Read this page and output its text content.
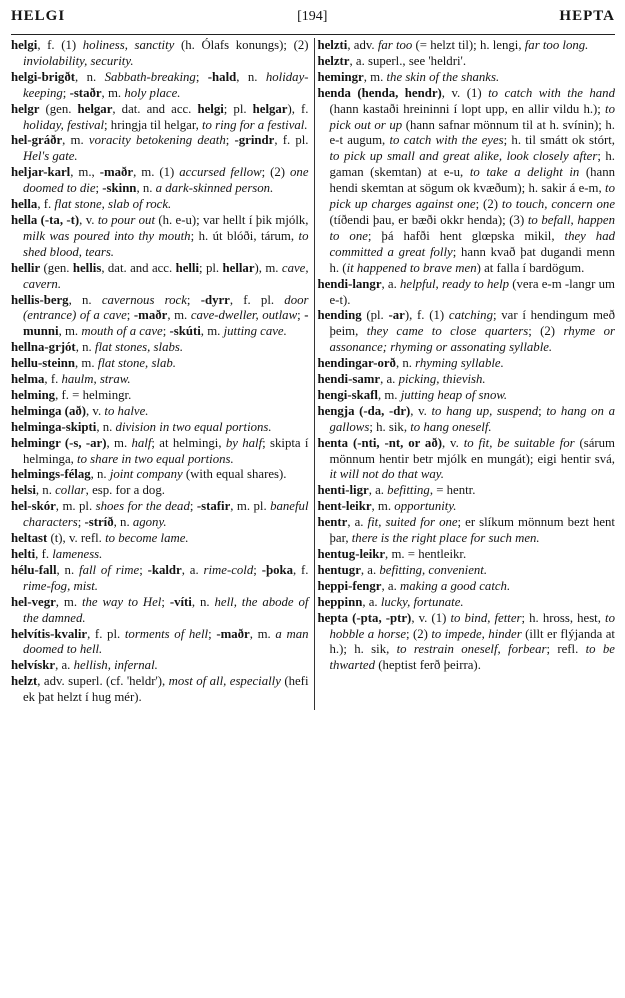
HELGI	[194]	HEPTA
helgi, f. (1) holiness, sanctity (h. Ólafs konungs); (2) inviolability, security.
helgi-brigðt, n. Sabbath-breaking; -hald, n. holiday-keeping; -staðr, m. holy place.
helgr (gen. helgar, dat. and acc. helgi; pl. helgar), f. holiday, festival; hringja til helgar, to ring for a festival.
hel-gráðr, m. voracity betokening death; -grindr, f. pl. Hel's gate.
heljar-karl, m., -maðr, m. (1) accursed fellow; (2) one doomed to die; -skinn, n. a dark-skinned person.
hella, f. flat stone, slab of rock.
hella (-ta, -t), v. to pour out (h. e-u); var hellt í þik mjólk, milk was poured into thy mouth; h. út blóði, tárum, to shed blood, tears.
hellir (gen. hellis, dat. and acc. helli; pl. hellar), m. cave, cavern.
hellis-berg, n. cavernous rock; -dyrr, f. pl. door (entrance) of a cave; -maðr, m. cave-dweller, outlaw; -munni, m. mouth of a cave; -skúti, m. jutting cave.
hellna-grjót, n. flat stones, slabs.
hellu-steinn, m. flat stone, slab.
helma, f. haulm, straw.
helming, f. = helmingr.
helminga (að), v. to halve.
helminga-skipti, n. division in two equal portions.
helmingr (-s, -ar), m. half; at helmingi, by half; skipta í helminga, to share in two equal portions.
helmings-félag, n. joint company (with equal shares).
helsi, n. collar, esp. for a dog.
hel-skór, m. pl. shoes for the dead; -stafir, m. pl. baneful characters; -stríð, n. agony.
heltast (t), v. refl. to become lame.
helti, f. lameness.
hélu-fall, n. fall of rime; -kaldr, a. rime-cold; -þoka, f. rime-fog, mist.
hel-vegr, m. the way to Hel; -víti, n. hell, the abode of the damned.
helvítis-kvalir, f. pl. torments of hell; -maðr, m. a man doomed to hell.
helvískr, a. hellish, infernal.
helzt, adv. superl. (cf. 'heldr'), most of all, especially (hefi ek þat helzt í hug mér).
helzti, adv. far too (= helzt til); h. lengi, far too long.
helztr, a. superl., see 'heldri'.
hemingr, m. the skin of the shanks.
henda (henda, hendr), v. (1) to catch with the hand (hann kastaði hreininni í lopt upp, en allir vildu h.); to pick out or up (hann safnar mönnum til at h. svínin); h. e-t augum, to catch with the eyes; h. til smátt ok stórt, to pick up small and great alike, look closely after; h. gaman (skemtan) at e-u, to take a delight in (hann hendi skemtan at sögum ok kvæðum); h. sakir á e-m, to pick up charges against one; (2) to touch, concern one (tíðendi þau, er bæði okkr henda); (3) to befall, happen to one; þá hafði hent glœpska mikil, they had committed a great folly; hann kvað þat dugandi menn h. (it happened to brave men) at falla í bardögum.
hendi-langr, a. helpful, ready to help (vera e-m -langr um e-t).
hending (pl. -ar), f. (1) catching; var í hendingum með þeim, they came to close quarters; (2) rhyme or assonance; rhyming or assonating syllable.
hendingar-orð, n. rhyming syllable.
hendi-samr, a. picking, thievish.
hengi-skafl, m. jutting heap of snow.
hengja (-da, -dr), v. to hang up, suspend; to hang on a gallows; h. sik, to hang oneself.
henta (-nti, -nt, or að), v. to fit, be suitable for (sárum mönnum hentir betr mjólk en mungát); eigi hentir svá, it will not do that way.
henti-ligr, a. befitting, = hentr.
hent-leikr, m. opportunity.
hentr, a. fit, suited for one; er slíkum mönnum bezt hent þar, there is the right place for such men.
hentug-leikr, m. = hentleikr.
hentugr, a. befitting, convenient.
heppi-fengr, a. making a good catch.
heppinn, a. lucky, fortunate.
hepta (-pta, -ptr), v. (1) to bind, fetter; h. hross, hest, to hobble a horse; (2) to impede, hinder (illt er flýjanda at h.); h. sik, to restrain oneself, forbear; refl. to be thwarted (heptist ferð þeirra).
